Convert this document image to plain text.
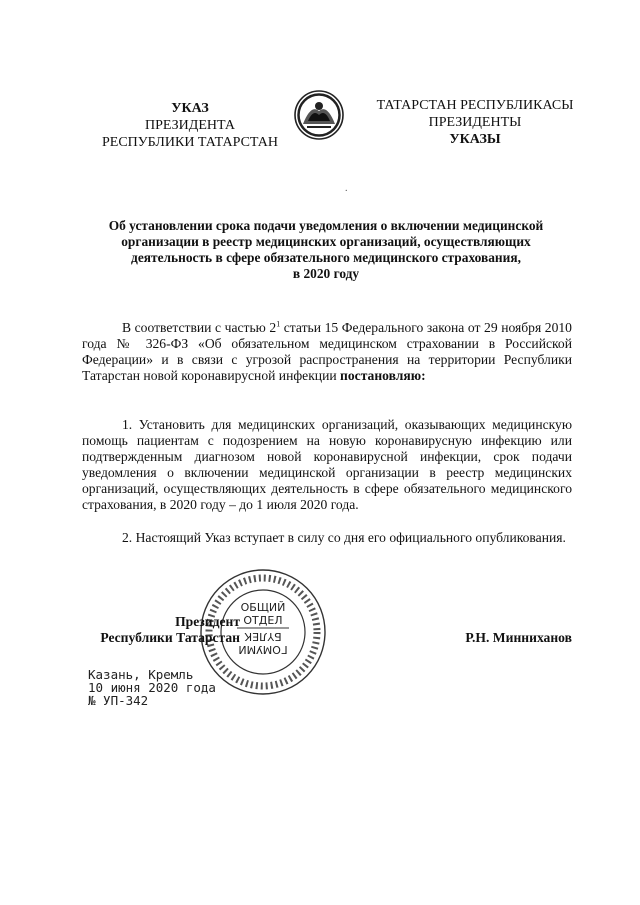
УКАЗ
ПРЕЗИДЕНТА
РЕСПУБЛИКИ ТАТАРСТАН
ТАТАРСТАН РЕСПУБЛИКАСЫ
ПРЕЗИДЕНТЫ
УКАЗЫ
.
Об установлении срока подачи уведомления о включении медицинской
организации в реестр медицинских организаций, осуществляющих
деятельность в сфере обязательного медицинского страхования,
в 2020 году
В соответствии с частью $2^1$ статьи 15 Федерального закона от 29 ноября 2010 года № 326-ФЗ «Об обязательном медицинском страховании в Российской Федерации» и в связи с угрозой распространения на территории Республики Татарстан новой коронавирусной инфекции постановляю:
1. Установить для медицинских организаций, оказывающих медицинскую помощь пациентам с подозрением на новую коронавирусную инфекцию или подтвержденным диагнозом новой коронавирусной инфекции, срок подачи уведомления о включении медицинской организации в реестр медицинских организаций, осуществляющих деятельность в сфере обязательного медицинского страхования, в 2020 году – до 1 июля 2020 года.
2. Настоящий Указ вступает в силу со дня его официального опубликования.
ОБЩИЙ
ОТДЕЛ
БҮЛЕК
ГОМУМИ
Президент
Республики Татарстан	Р.Н. Минниханов
Казань, Кремль
10 июня 2020 года
№ УП-342
